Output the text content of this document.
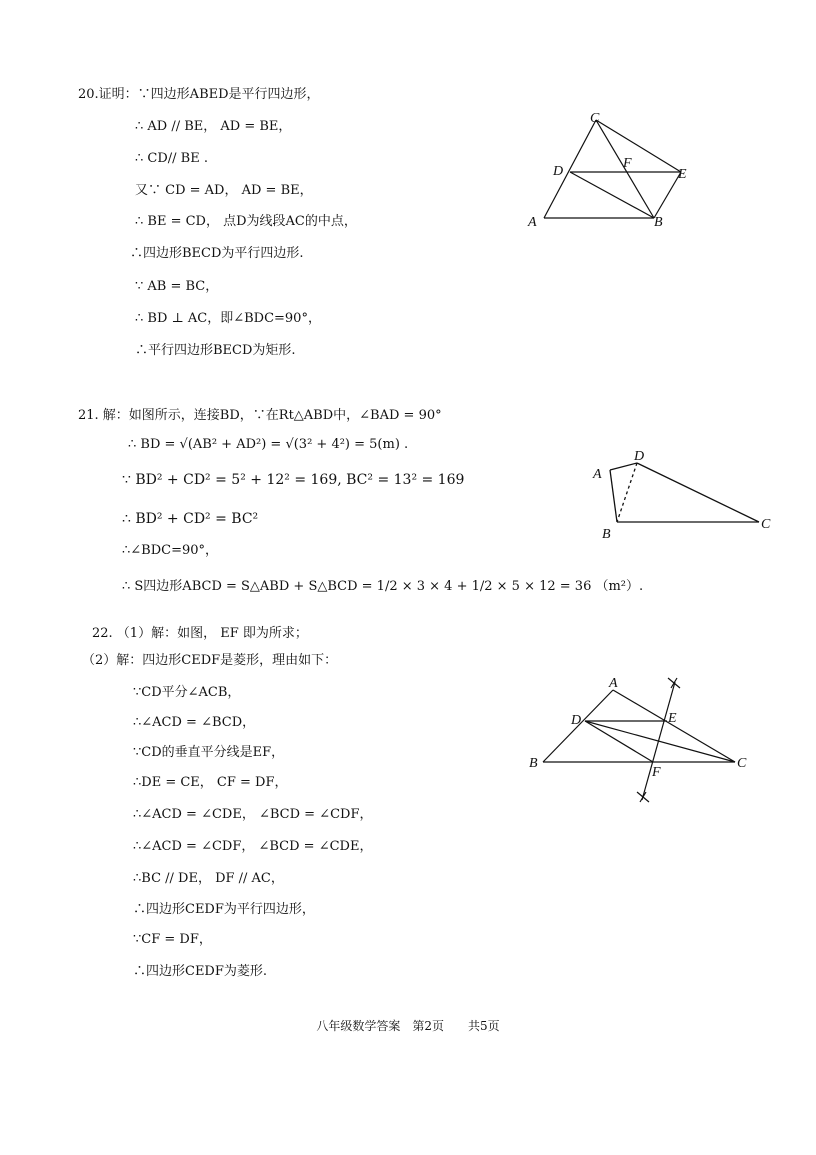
20.证明：∵四边形ABED是平行四边形，
∴ AD // BE， AD = BE，
∴ CD// BE .
又∵ CD = AD， AD = BE，
∴ BE = CD， 点D为线段AC的中点，
∴四边形BECD为平行四边形.
∵ AB = BC，
∴ BD ⊥ AC，即∠BDC=90°，
∴平行四边形BECD为矩形.
A	B
C
D	E
F
21. 解：如图所示，连接BD，∵在Rt△ABD中，∠BAD = 90°
∴ BD = √(AB² + AD²) = √(3² + 4²) = 5(m) .
∵ BD² + CD² = 5² + 12² = 169, BC² = 13² = 169
∴ BD² + CD² = BC²
∴∠BDC=90°，
∴ S四边形ABCD = S△ABD + S△BCD = 1/2 × 3 × 4 + 1/2 × 5 × 12 = 36 （m²）.
A
B
C
D
22. （1）解：如图， EF 即为所求；
（2）解：四边形CEDF是菱形，理由如下：
∵CD平分∠ACB，
∴∠ACD = ∠BCD，
∵CD的垂直平分线是EF，
∴DE = CE， CF = DF，
∴∠ACD = ∠CDE， ∠BCD = ∠CDF，
∴∠ACD = ∠CDF， ∠BCD = ∠CDE，
∴BC // DE， DF // AC，
∴四边形CEDF为平行四边形，
∵CF = DF，
∴四边形CEDF为菱形.
A
B	C
D	E
F
八年级数学答案　第2页　　共5页
